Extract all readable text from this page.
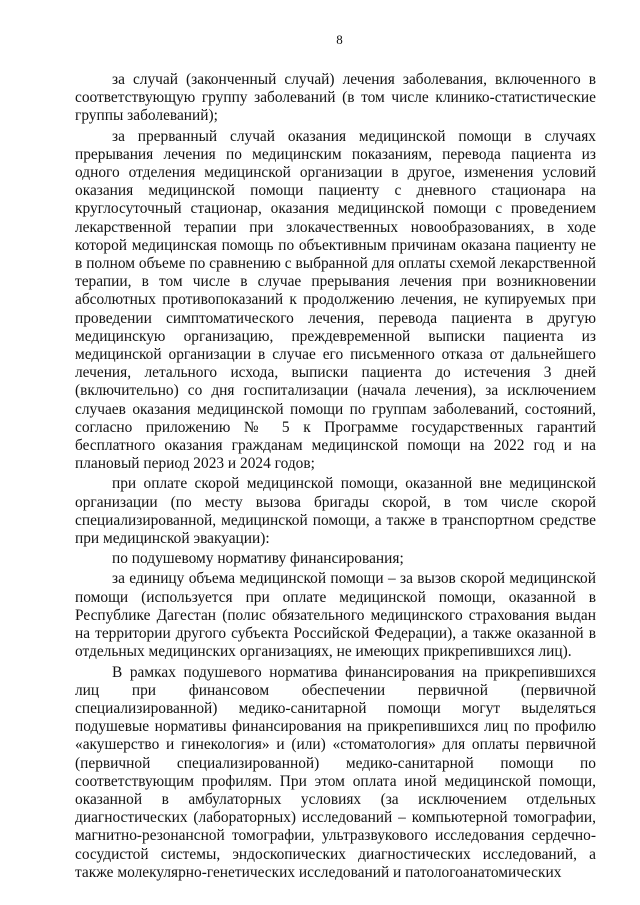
8

за случай (законченный случай) лечения заболевания, включенного в соответствующую группу заболеваний (в том числе клинико-статистические группы заболеваний);

за прерванный случай оказания медицинской помощи в случаях прерывания лечения по медицинским показаниям, перевода пациента из одного отделения медицинской организации в другое, изменения условий оказания медицинской помощи пациенту с дневного стационара на круглосуточный стационар, оказания медицинской помощи с проведением лекарственной терапии при злокачественных новообразованиях, в ходе которой медицинская помощь по объективным причинам оказана пациенту не в полном объеме по сравнению с выбранной для оплаты схемой лекарственной терапии, в том числе в случае прерывания лечения при возникновении абсолютных противопоказаний к продолжению лечения, не купируемых при проведении симптоматического лечения, перевода пациента в другую медицинскую организацию, преждевременной выписки пациента из медицинской организации в случае его письменного отказа от дальнейшего лечения, летального исхода, выписки пациента до истечения 3 дней (включительно) со дня госпитализации (начала лечения), за исключением случаев оказания медицинской помощи по группам заболеваний, состояний, согласно приложению № 5 к Программе государственных гарантий бесплатного оказания гражданам медицинской помощи на 2022 год и на плановый период 2023 и 2024 годов;

при оплате скорой медицинской помощи, оказанной вне медицинской организации (по месту вызова бригады скорой, в том числе скорой специализированной, медицинской помощи, а также в транспортном средстве при медицинской эвакуации):

по подушевому нормативу финансирования;

за единицу объема медицинской помощи – за вызов скорой медицинской помощи (используется при оплате медицинской помощи, оказанной в Республике Дагестан (полис обязательного медицинского страхования выдан на территории другого субъекта Российской Федерации), а также оказанной в отдельных медицинских организациях, не имеющих прикрепившихся лиц).

В рамках подушевого норматива финансирования на прикрепившихся лиц при финансовом обеспечении первичной (первичной специализированной) медико-санитарной помощи могут выделяться подушевые нормативы финансирования на прикрепившихся лиц по профилю «акушерство и гинекология» и (или) «стоматология» для оплаты первичной (первичной специализированной) медико-санитарной помощи по соответствующим профилям. При этом оплата иной медицинской помощи, оказанной в амбулаторных условиях (за исключением отдельных диагностических (лабораторных) исследований – компьютерной томографии, магнитно-резонансной томографии, ультразвукового исследования сердечно-сосудистой системы, эндоскопических диагностических исследований, а также молекулярно-генетических исследований и патологоанатомических
